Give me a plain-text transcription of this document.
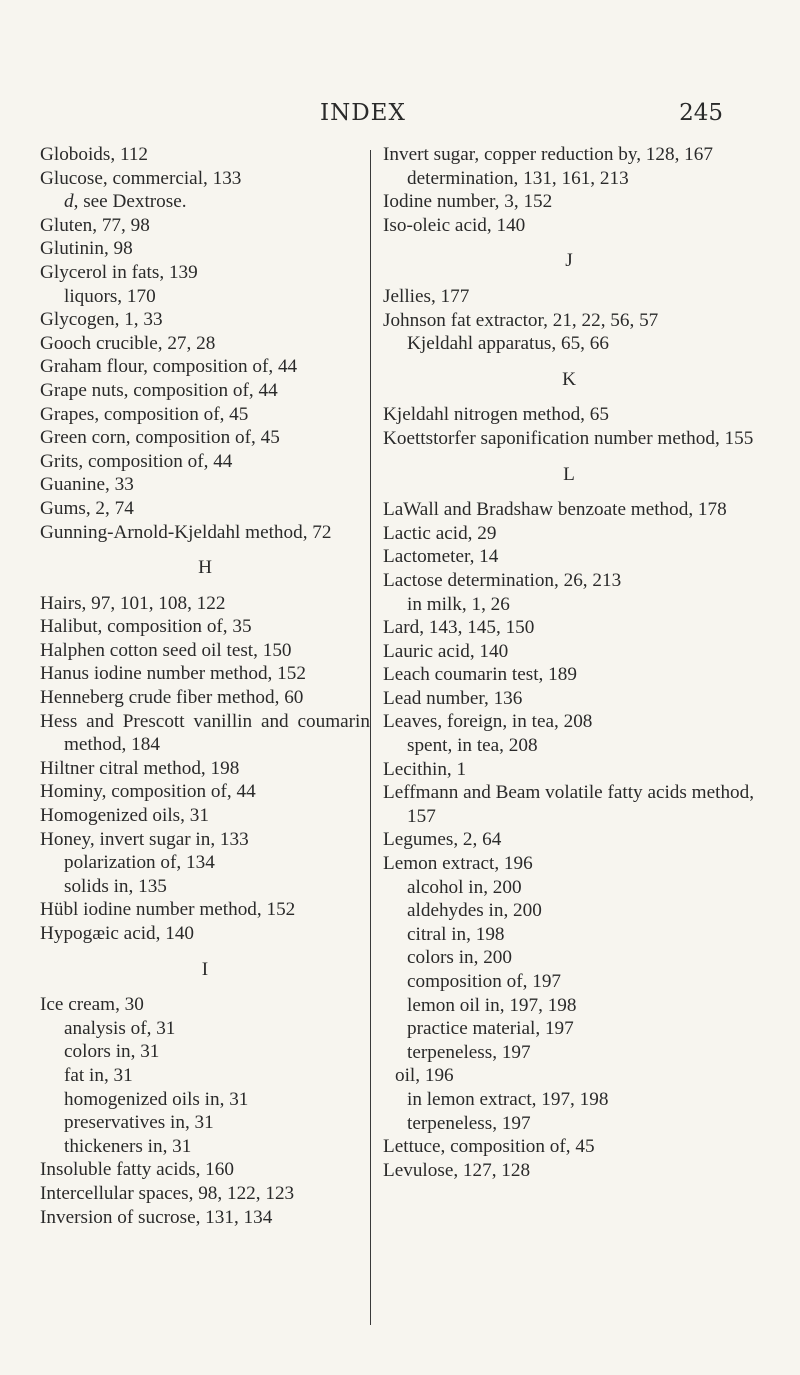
INDEX	245
Globoids, 112
Glucose, commercial, 133
d, see Dextrose.
Gluten, 77, 98
Glutinin, 98
Glycerol in fats, 139
liquors, 170
Glycogen, 1, 33
Gooch crucible, 27, 28
Graham flour, composition of, 44
Grape nuts, composition of, 44
Grapes, composition of, 45
Green corn, composition of, 45
Grits, composition of, 44
Guanine, 33
Gums, 2, 74
Gunning-Arnold-Kjeldahl method, 72
H
Hairs, 97, 101, 108, 122
Halibut, composition of, 35
Halphen cotton seed oil test, 150
Hanus iodine number method, 152
Henneberg crude fiber method, 60
Hess and Prescott vanillin and coumarin method, 184
Hiltner citral method, 198
Hominy, composition of, 44
Homogenized oils, 31
Honey, invert sugar in, 133
polarization of, 134
solids in, 135
Hübl iodine number method, 152
Hypogæic acid, 140
I
Ice cream, 30
analysis of, 31
colors in, 31
fat in, 31
homogenized oils in, 31
preservatives in, 31
thickeners in, 31
Insoluble fatty acids, 160
Intercellular spaces, 98, 122, 123
Inversion of sucrose, 131, 134
Invert sugar, copper reduction by, 128, 167
determination, 131, 161, 213
Iodine number, 3, 152
Iso-oleic acid, 140
J
Jellies, 177
Johnson fat extractor, 21, 22, 56, 57
Kjeldahl apparatus, 65, 66
K
Kjeldahl nitrogen method, 65
Koettstorfer saponification number method, 155
L
LaWall and Bradshaw benzoate method, 178
Lactic acid, 29
Lactometer, 14
Lactose determination, 26, 213
in milk, 1, 26
Lard, 143, 145, 150
Lauric acid, 140
Leach coumarin test, 189
Lead number, 136
Leaves, foreign, in tea, 208
spent, in tea, 208
Lecithin, 1
Leffmann and Beam volatile fatty acids method, 157
Legumes, 2, 64
Lemon extract, 196
alcohol in, 200
aldehydes in, 200
citral in, 198
colors in, 200
composition of, 197
lemon oil in, 197, 198
practice material, 197
terpeneless, 197
oil, 196
in lemon extract, 197, 198
terpeneless, 197
Lettuce, composition of, 45
Levulose, 127, 128
